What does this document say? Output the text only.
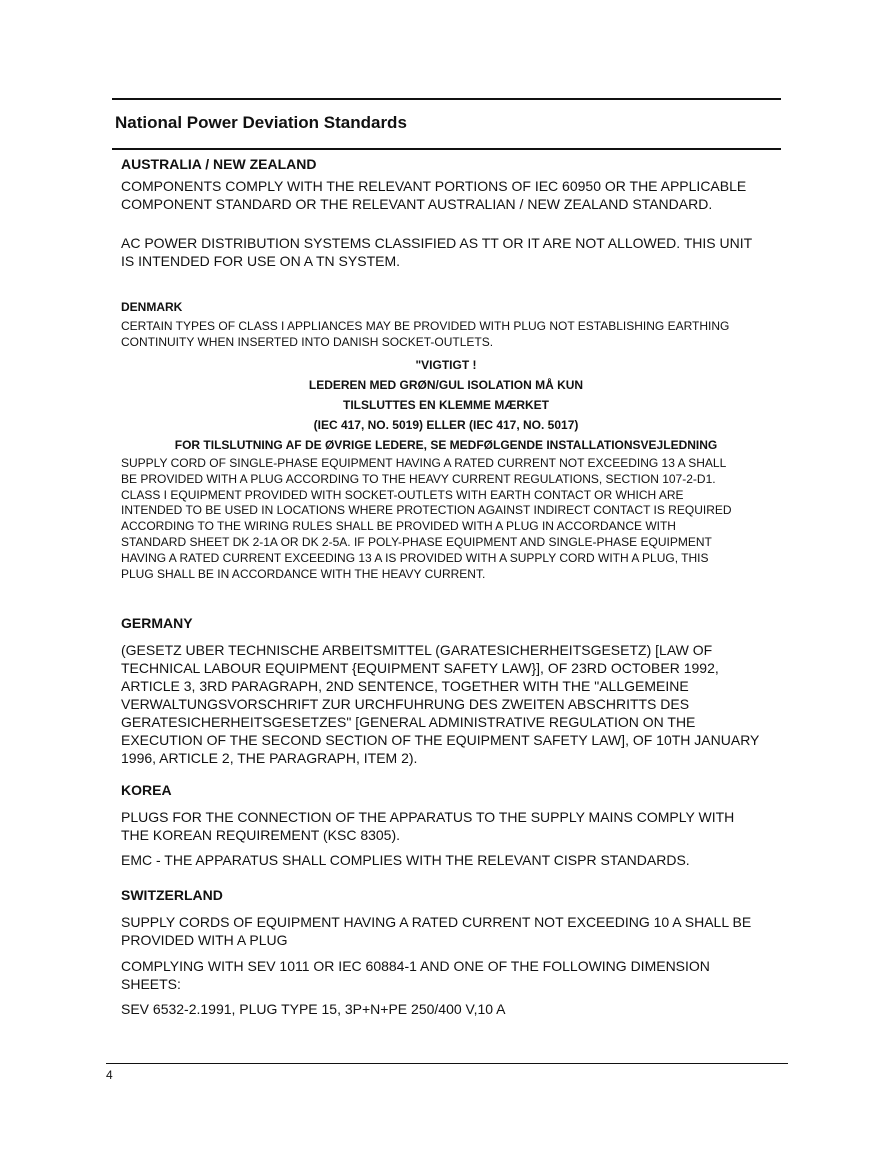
National Power Deviation Standards
AUSTRALIA / NEW ZEALAND
COMPONENTS COMPLY WITH THE RELEVANT PORTIONS OF IEC 60950 OR THE APPLICABLE
COMPONENT STANDARD OR THE RELEVANT AUSTRALIAN / NEW ZEALAND STANDARD.
AC POWER DISTRIBUTION SYSTEMS CLASSIFIED AS TT OR IT ARE NOT ALLOWED. THIS UNIT
IS INTENDED FOR USE ON A TN SYSTEM.
DENMARK
CERTAIN TYPES OF CLASS I APPLIANCES MAY BE PROVIDED WITH PLUG NOT ESTABLISHING EARTHING
CONTINUITY WHEN INSERTED INTO DANISH SOCKET-OUTLETS.
"VIGTIGT !
LEDEREN MED GRØN/GUL ISOLATION MÅ KUN
TILSLUTTES EN KLEMME MÆRKET
(IEC 417, NO. 5019) ELLER (IEC 417, NO. 5017)
FOR TILSLUTNING AF DE ØVRIGE LEDERE, SE MEDFØLGENDE INSTALLATIONSVEJLEDNING
SUPPLY CORD OF SINGLE-PHASE EQUIPMENT HAVING A RATED CURRENT NOT EXCEEDING 13 A SHALL
BE PROVIDED WITH A PLUG ACCORDING TO THE HEAVY CURRENT REGULATIONS, SECTION 107-2-D1.
CLASS I EQUIPMENT PROVIDED WITH SOCKET-OUTLETS WITH EARTH CONTACT OR WHICH ARE
INTENDED TO BE USED IN LOCATIONS WHERE PROTECTION AGAINST INDIRECT CONTACT IS REQUIRED
ACCORDING TO THE WIRING RULES SHALL BE PROVIDED WITH A PLUG IN ACCORDANCE WITH
STANDARD SHEET DK 2-1A OR DK 2-5A. IF POLY-PHASE EQUIPMENT AND SINGLE-PHASE EQUIPMENT
HAVING A RATED CURRENT EXCEEDING 13 A IS PROVIDED WITH A SUPPLY CORD WITH A PLUG, THIS
PLUG SHALL BE IN ACCORDANCE WITH THE HEAVY CURRENT.
GERMANY
(GESETZ UBER TECHNISCHE ARBEITSMITTEL (GARATESICHERHEITSGESETZ) [LAW OF
TECHNICAL LABOUR EQUIPMENT {EQUIPMENT SAFETY LAW}], OF 23RD OCTOBER 1992,
ARTICLE 3, 3RD PARAGRAPH, 2ND SENTENCE, TOGETHER WITH THE "ALLGEMEINE
VERWALTUNGSVORSCHRIFT ZUR URCHFUHRUNG DES ZWEITEN ABSCHRITTS DES
GERATESICHERHEITSGESETZES" [GENERAL ADMINISTRATIVE REGULATION ON THE
EXECUTION OF THE SECOND SECTION OF THE EQUIPMENT SAFETY LAW], OF 10TH JANUARY
1996, ARTICLE 2, THE PARAGRAPH, ITEM 2).
KOREA
PLUGS FOR THE CONNECTION OF THE APPARATUS TO THE SUPPLY MAINS COMPLY WITH
THE KOREAN REQUIREMENT (KSC 8305).
EMC - THE APPARATUS SHALL COMPLIES WITH THE RELEVANT CISPR STANDARDS.
SWITZERLAND
SUPPLY CORDS OF EQUIPMENT HAVING A RATED CURRENT NOT EXCEEDING 10 A SHALL BE
PROVIDED WITH A PLUG
COMPLYING WITH SEV 1011 OR IEC 60884-1 AND ONE OF THE FOLLOWING DIMENSION
SHEETS:
SEV 6532-2.1991, PLUG TYPE 15, 3P+N+PE 250/400 V,10 A
4
